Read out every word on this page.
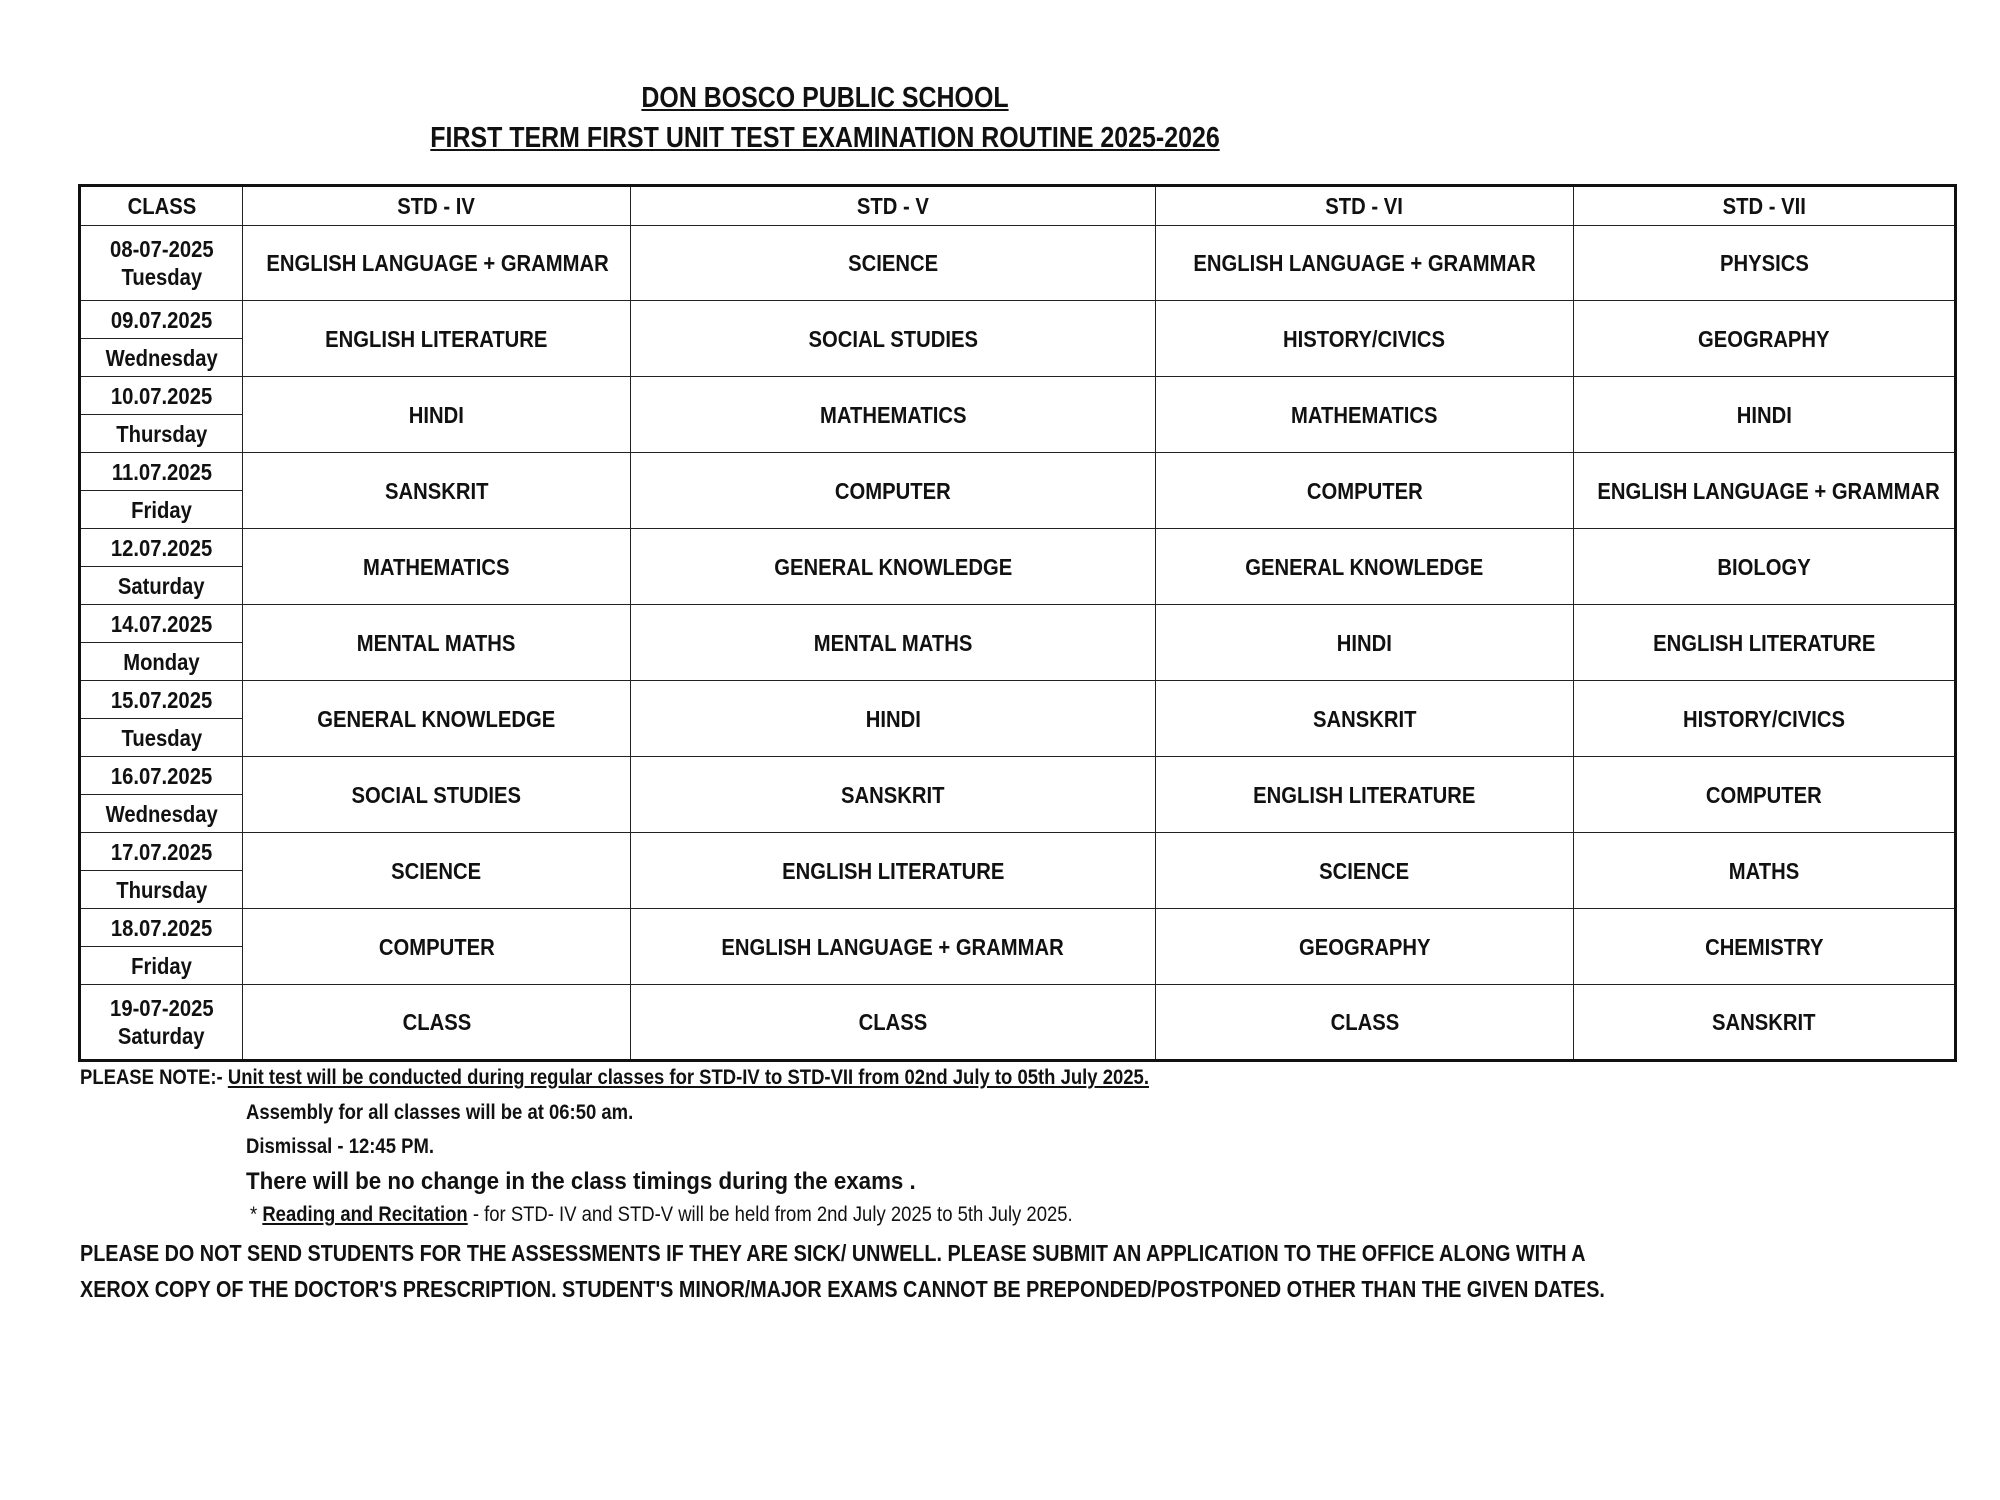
DON BOSCO PUBLIC SCHOOL
FIRST TERM FIRST UNIT TEST EXAMINATION ROUTINE 2025-2026
CLASS	STD - IV	STD - V	STD - VI	STD - VII
08-07-2025
Tuesday	ENGLISH LANGUAGE + GRAMMAR	SCIENCE	ENGLISH LANGUAGE + GRAMMAR	PHYSICS
09.07.2025	ENGLISH LITERATURE	SOCIAL STUDIES	HISTORY/CIVICS	GEOGRAPHY
Wednesday				
10.07.2025	HINDI	MATHEMATICS	MATHEMATICS	HINDI
Thursday				
11.07.2025	SANSKRIT	COMPUTER	COMPUTER	ENGLISH LANGUAGE + GRAMMAR
Friday				
12.07.2025	MATHEMATICS	GENERAL KNOWLEDGE	GENERAL KNOWLEDGE	BIOLOGY
Saturday				
14.07.2025	MENTAL MATHS	MENTAL MATHS	HINDI	ENGLISH LITERATURE
Monday				
15.07.2025	GENERAL KNOWLEDGE	HINDI	SANSKRIT	HISTORY/CIVICS
Tuesday				
16.07.2025	SOCIAL STUDIES	SANSKRIT	ENGLISH LITERATURE	COMPUTER
Wednesday				
17.07.2025	SCIENCE	ENGLISH LITERATURE	SCIENCE	MATHS
Thursday				
18.07.2025	COMPUTER	ENGLISH LANGUAGE + GRAMMAR	GEOGRAPHY	CHEMISTRY
Friday				
19-07-2025
Saturday	CLASS	CLASS	CLASS	SANSKRIT
PLEASE NOTE:- Unit test will be conducted during regular classes for STD-IV to STD-VII from 02nd July to 05th July 2025.
Assembly for all classes will be at 06:50 am.
Dismissal - 12:45 PM.
There will be no change in the class timings during the exams .
* Reading and Recitation - for STD- IV and STD-V will be held from 2nd July 2025 to 5th July 2025.
PLEASE DO NOT SEND STUDENTS FOR THE ASSESSMENTS IF THEY ARE SICK/ UNWELL. PLEASE SUBMIT AN APPLICATION TO THE OFFICE ALONG WITH A
XEROX COPY OF THE DOCTOR'S PRESCRIPTION. STUDENT'S MINOR/MAJOR EXAMS CANNOT BE PREPONDED/POSTPONED OTHER THAN THE GIVEN DATES.
